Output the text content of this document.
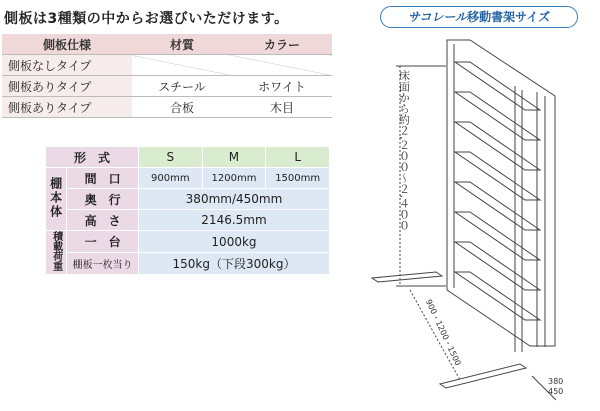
側板は3種類の中からお選びいただけます。
側板仕様	材質	カラー
側板なしタイプ		
側板ありタイプ	スチール	ホワイト
側板ありタイプ	合板	木目
形　式		S	M	L
棚本体	間　口	900mm	1200mm	1500mm
	奥　行	380mm/450mm		
	高　さ	2146.5mm		
積載荷重	一　台	1000kg		
	棚板一枚当り	150kg（下段300kg）		
サコレール移動書架サイズ
床面から約２,２００〜２,４００
900・1200・1500
380
450
